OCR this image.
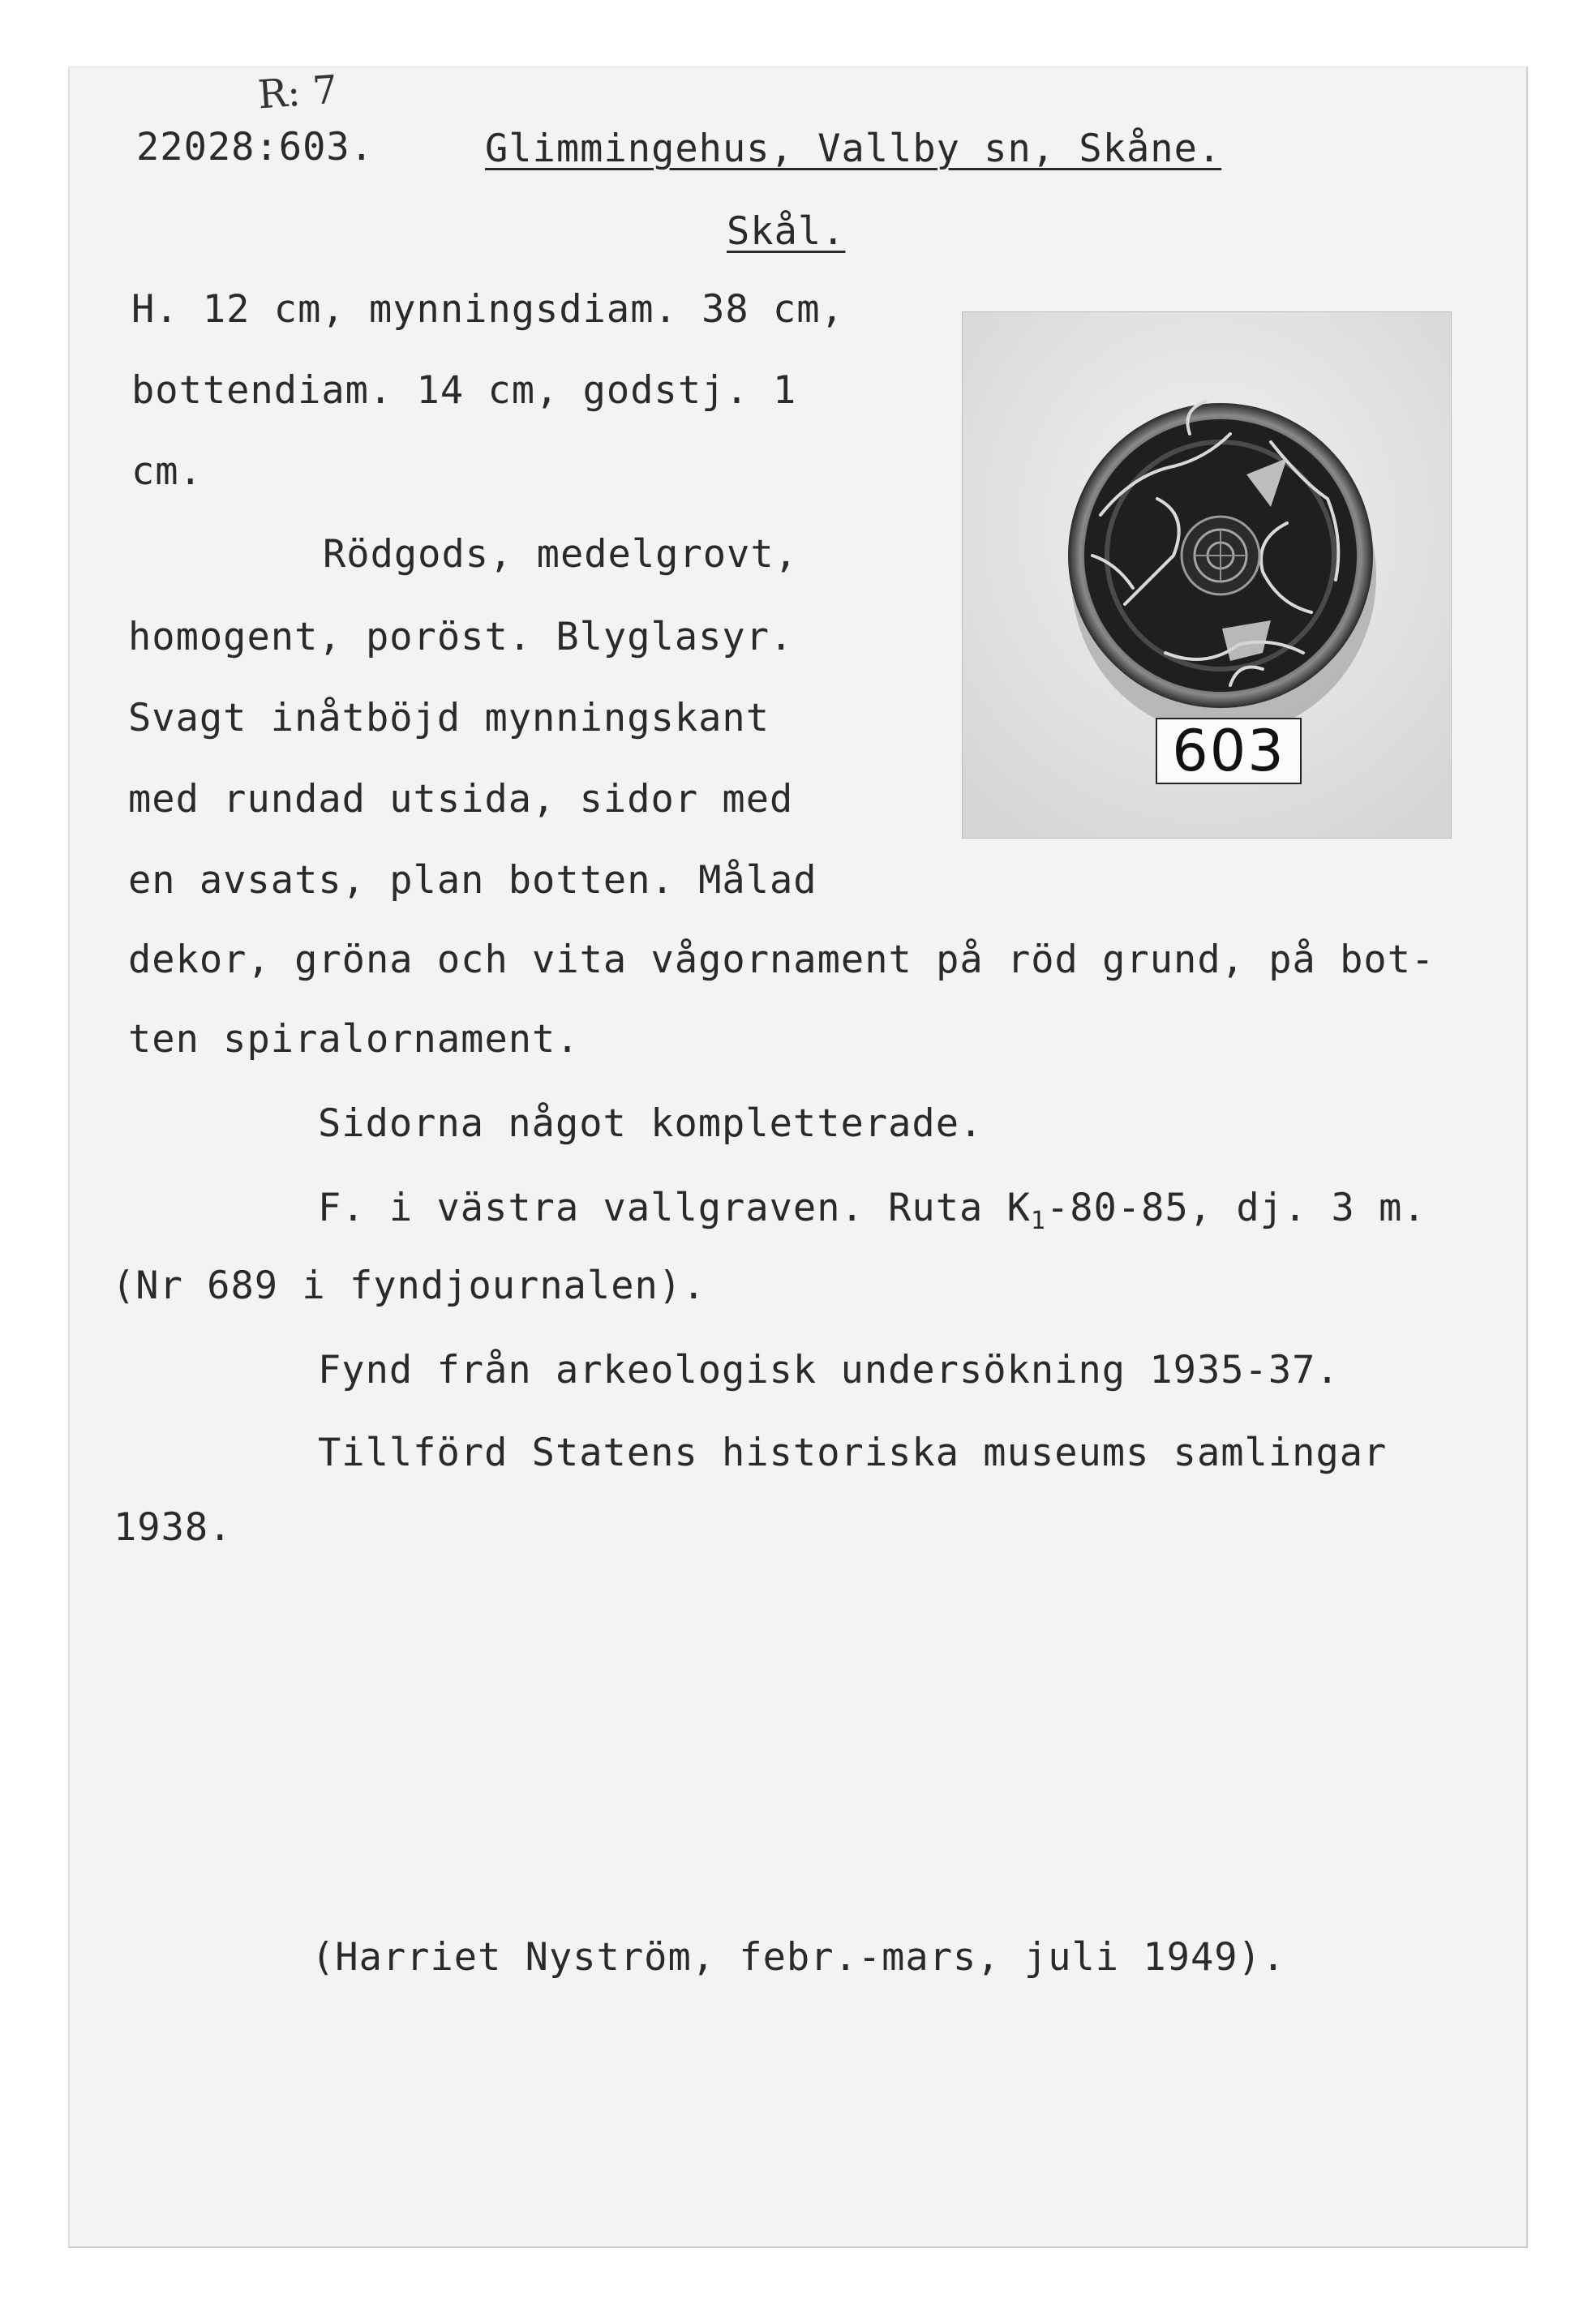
R: 7
22028:603.	Glimmingehus, Vallby sn, Skåne.
Skål.
H. 12 cm, mynningsdiam. 38 cm,
bottendiam. 14 cm, godstj. 1
cm.
Rödgods, medelgrovt,
homogent, poröst. Blyglasyr.
Svagt inåtböjd mynningskant
med rundad utsida, sidor med
en avsats, plan botten. Målad
dekor, gröna och vita vågornament på röd grund, på bot-
ten spiralornament.
Sidorna något kompletterade.
F. i västra vallgraven. Ruta $K_1-80-85$, dj. 3 m.
(Nr 689 i fyndjournalen).
Fynd från arkeologisk undersökning 1935-37.
Tillförd Statens historiska museums samlingar
1938.
(Harriet Nyström, febr.-mars, juli 1949).
603
